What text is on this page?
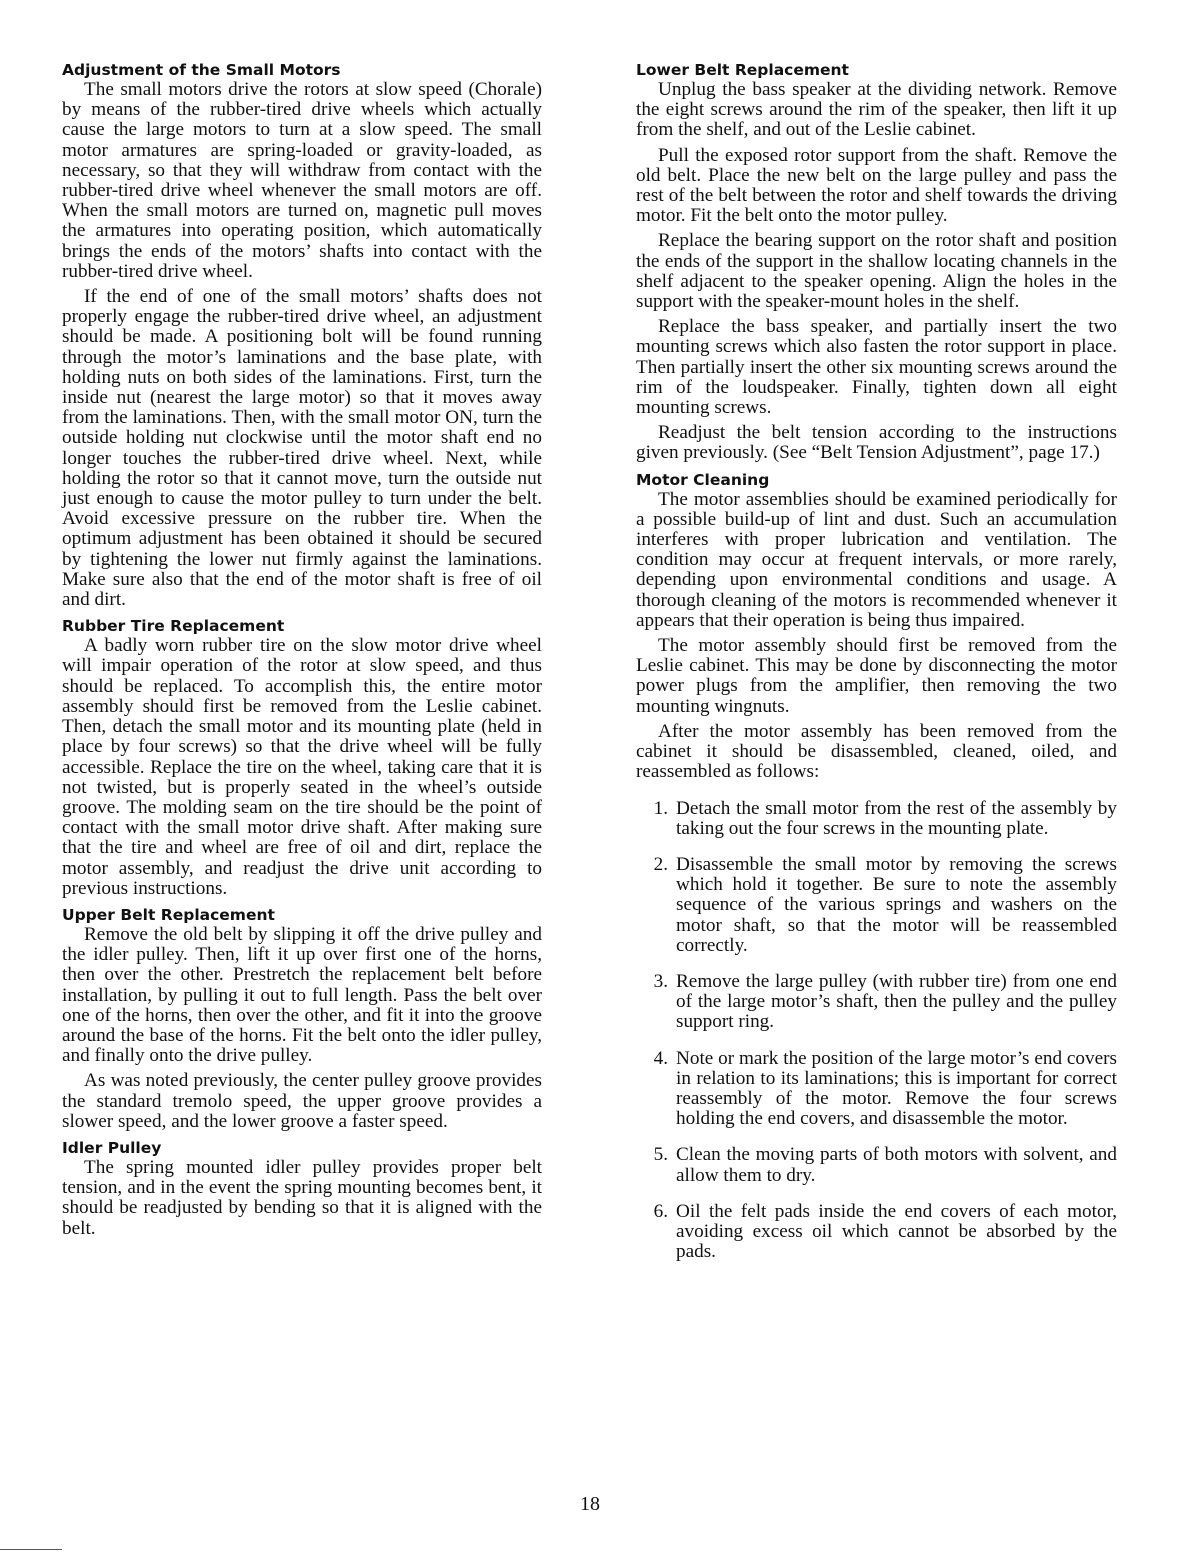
Adjustment of the Small Motors

The small motors drive the rotors at slow speed (Chorale) by means of the rubber-tired drive wheels which actually cause the large motors to turn at a slow speed. The small motor armatures are spring-loaded or gravity-loaded, as necessary, so that they will withdraw from contact with the rubber-tired drive wheel whenever the small motors are off. When the small motors are turned on, magnetic pull moves the armatures into operating position, which automatically brings the ends of the motors’ shafts into contact with the rubber-tired drive wheel.

If the end of one of the small motors’ shafts does not properly engage the rubber-tired drive wheel, an adjustment should be made. A positioning bolt will be found running through the motor’s laminations and the base plate, with holding nuts on both sides of the laminations. First, turn the inside nut (nearest the large motor) so that it moves away from the laminations. Then, with the small motor ON, turn the outside holding nut clockwise until the motor shaft end no longer touches the rubber-tired drive wheel. Next, while holding the rotor so that it cannot move, turn the outside nut just enough to cause the motor pulley to turn under the belt. Avoid excessive pressure on the rubber tire. When the optimum adjustment has been obtained it should be secured by tightening the lower nut firmly against the laminations. Make sure also that the end of the motor shaft is free of oil and dirt.

Rubber Tire Replacement

A badly worn rubber tire on the slow motor drive wheel will impair operation of the rotor at slow speed, and thus should be replaced. To accomplish this, the entire motor assembly should first be removed from the Leslie cabinet. Then, detach the small motor and its mounting plate (held in place by four screws) so that the drive wheel will be fully accessible. Replace the tire on the wheel, taking care that it is not twisted, but is properly seated in the wheel’s outside groove. The molding seam on the tire should be the point of contact with the small motor drive shaft. After making sure that the tire and wheel are free of oil and dirt, replace the motor assembly, and readjust the drive unit according to previous instructions.

Upper Belt Replacement

Remove the old belt by slipping it off the drive pulley and the idler pulley. Then, lift it up over first one of the horns, then over the other. Prestretch the replacement belt before installation, by pulling it out to full length. Pass the belt over one of the horns, then over the other, and fit it into the groove around the base of the horns. Fit the belt onto the idler pulley, and finally onto the drive pulley.

As was noted previously, the center pulley groove provides the standard tremolo speed, the upper groove provides a slower speed, and the lower groove a faster speed.

Idler Pulley

The spring mounted idler pulley provides proper belt tension, and in the event the spring mounting becomes bent, it should be readjusted by bending so that it is aligned with the belt.

Lower Belt Replacement

Unplug the bass speaker at the dividing network. Remove the eight screws around the rim of the speaker, then lift it up from the shelf, and out of the Leslie cabinet.

Pull the exposed rotor support from the shaft. Remove the old belt. Place the new belt on the large pulley and pass the rest of the belt between the rotor and shelf towards the driving motor. Fit the belt onto the motor pulley.

Replace the bearing support on the rotor shaft and position the ends of the support in the shallow locating channels in the shelf adjacent to the speaker opening. Align the holes in the support with the speaker-mount holes in the shelf.

Replace the bass speaker, and partially insert the two mounting screws which also fasten the rotor support in place. Then partially insert the other six mounting screws around the rim of the loudspeaker. Finally, tighten down all eight mounting screws.

Readjust the belt tension according to the instructions given previously. (See “Belt Tension Adjustment”, page 17.)

Motor Cleaning

The motor assemblies should be examined periodically for a possible build-up of lint and dust. Such an accumulation interferes with proper lubrication and ventilation. The condition may occur at frequent intervals, or more rarely, depending upon environmental conditions and usage. A thorough cleaning of the motors is recommended whenever it appears that their operation is being thus impaired.

The motor assembly should first be removed from the Leslie cabinet. This may be done by disconnecting the motor power plugs from the amplifier, then removing the two mounting wingnuts.

After the motor assembly has been removed from the cabinet it should be disassembled, cleaned, oiled, and reassembled as follows:

1. Detach the small motor from the rest of the assembly by taking out the four screws in the mounting plate.
2. Disassemble the small motor by removing the screws which hold it together. Be sure to note the assembly sequence of the various springs and washers on the motor shaft, so that the motor will be reassembled correctly.
3. Remove the large pulley (with rubber tire) from one end of the large motor’s shaft, then the pulley and the pulley support ring.
4. Note or mark the position of the large motor’s end covers in relation to its laminations; this is important for correct reassembly of the motor. Remove the four screws holding the end covers, and disassemble the motor.
5. Clean the moving parts of both motors with solvent, and allow them to dry.
6. Oil the felt pads inside the end covers of each motor, avoiding excess oil which cannot be absorbed by the pads.
18
